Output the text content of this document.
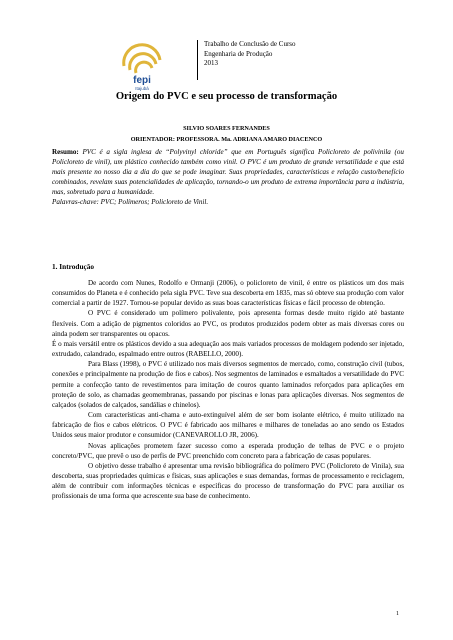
fepi
Itajubá
Trabalho de Conclusão de Curso
Engenharia de Produção
2013
Origem do PVC e seu processo de transformação
SILVIO SOARES FERNANDES
ORIENTADOR: PROFESSORA. Ma. ADRIANA AMARO DIACENCO
Resumo: PVC é a sigla inglesa de “Polyvinyl chloride” que em Português significa Policloreto de polivinila (ou Policloreto de vinil), um plástico conhecido também como vinil. O PVC é um produto de grande versatilidade e que está mais presente no nosso dia a dia do que se pode imaginar. Suas propriedades, características e relação custo/benefício combinados, revelam suas potencialidades de aplicação, tornando-o um produto de extrema importância para a indústria, mas, sobretudo para a humanidade.
Palavras-chave: PVC; Polímeros; Policloreto de Vinil.
1. Introdução

De acordo com Nunes, Rodolfo e Ormanji (2006), o policloreto de vinil, é entre os plásticos um dos mais consumidos do Planeta e é conhecido pela sigla PVC. Teve sua descoberta em 1835, mas só obteve sua produção com valor comercial a partir de 1927. Tornou-se popular devido as suas boas características físicas e fácil processo de obtenção.

O PVC é considerado um polímero polivalente, pois apresenta formas desde muito rígido até bastante flexíveis. Com a adição de pigmentos coloridos ao PVC, os produtos produzidos podem obter as mais diversas cores ou ainda podem ser transparentes ou opacos.

É o mais versátil entre os plásticos devido a sua adequação aos mais variados processos de moldagem podendo ser injetado, extrudado, calandrado, espalmado entre outros (RABELLO, 2000).

Para Blass (1998), o PVC é utilizado nos mais diversos segmentos de mercado, como, construção civil (tubos, conexões e principalmente na produção de fios e cabos). Nos segmentos de laminados e esmaltados a versatilidade do PVC permite a confecção tanto de revestimentos para imitação de couros quanto laminados reforçados para aplicações em proteção de solo, as chamadas geomembranas, passando por piscinas e lonas para aplicações diversas. Nos segmentos de calçados (solados de calçados, sandálias e chinelos).

Com características anti-chama e auto-extinguível além de ser bom isolante elétrico, é muito utilizado na fabricação de fios e cabos elétricos. O PVC é fabricado aos milhares e milhares de toneladas ao ano sendo os Estados Unidos seus maior produtor e consumidor (CANEVAROLLO JR, 2006).

Novas aplicações prometem fazer sucesso como a esperada produção de telhas de PVC e o projeto concreto/PVC, que prevê o uso de perfis de PVC preenchido com concreto para a fabricação de casas populares.

O objetivo desse trabalho é apresentar uma revisão bibliográfica do polímero PVC (Policloreto de Vinila), sua descoberta, suas propriedades químicas e físicas, suas aplicações e suas demandas, formas de processamento e reciclagem, além de contribuir com informações técnicas e específicas do processo de transformação do PVC para auxiliar os profissionais de uma forma que acrescente sua base de conhecimento.

1
